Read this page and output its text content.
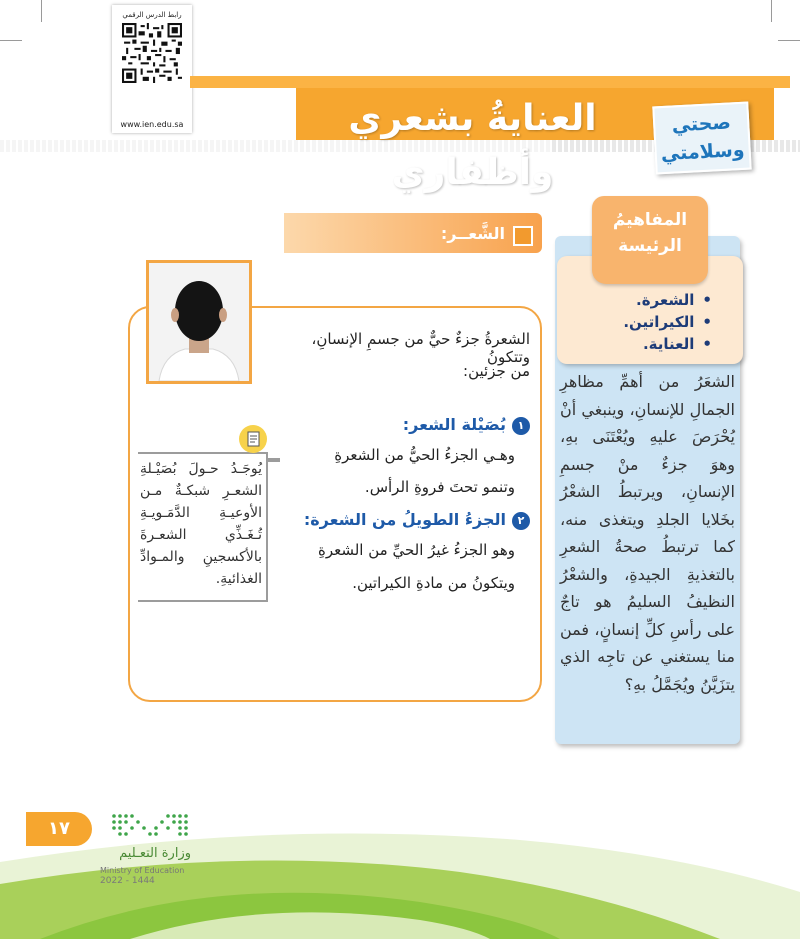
رابط الدرس الرقمي
www.ien.edu.sa	العنايةُ بشعري وأظفاري
صحتي
وسلامتي
المفاهيمُ
الرئيسة
• الشعرة.
• الكيراتين.
• العناية.
الشعَرُ من أهمِّ مظاهرِ الجمالِ للإنسانِ، وينبغي أنْ يُحْرَصَ عليهِ ويُعْتَنَى بهِ، وهوَ جزءٌ منْ جسمِ الإنسانِ، ويرتبطُ الشعْرُ بخَلايا الجلدِ ويتغذى منه، كما ترتبطُ صحةُ الشعرِ بالتغذيةِ الجيدةِ، والشعْرُ النظيفُ السليمُ هو تاجٌ على رأسِ كلِّ إنسانٍ، فمن منا يستغني عن تاجِه الذي يتزَيَّنُ ويُجَمَّلُ بهِ؟
الشَّعــر:
الشعرةُ جزءٌ حيٌّ من جسمِ الإنسانِ، وتتكونُ
من جزئين:
١بُصَيْلة الشعر:
وهـي الجزءُ الحيُّ من الشعرةِ
وتنمو تحتَ فروةِ الرأس.
٢الجزءُ الطويلُ من الشعرة:
وهو الجزءُ غيرُ الحيِّ من الشعرةِ
ويتكونُ من مادةِ الكيراتين.
يُوجَـدُ حـولَ بُصَيْـلةِ الشعـرِ شبكـةٌ مـن الأوعيـةِ الدَّمَـويـةِ تُـغَـذِّي الشعـرةَ بالأكسجينِ والمـوادِّ الغذائيةِ.
١٧
وزارة التعـليم
Ministry of Education
2022 - 1444
